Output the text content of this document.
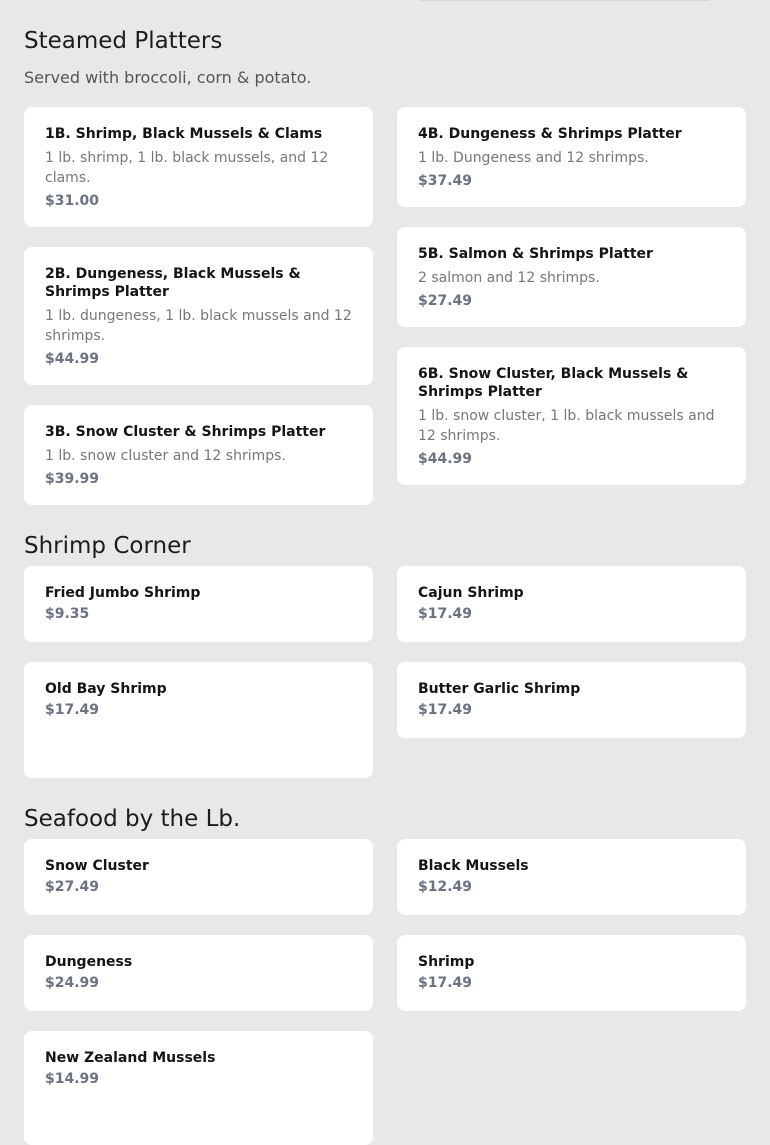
Steamed Platters

Served with broccoli, corn & potato.

1B. Shrimp, Black Mussels & Clams
1 lb. shrimp, 1 lb. black mussels, and 12 clams.
$31.00
4B. Dungeness & Shrimps Platter
1 lb. Dungeness and 12 shrimps.
$37.49
2B. Dungeness, Black Mussels & Shrimps Platter
1 lb. dungeness, 1 lb. black mussels and 12 shrimps.
$44.99
5B. Salmon & Shrimps Platter
2 salmon and 12 shrimps.
$27.49
3B. Snow Cluster & Shrimps Platter
1 lb. snow cluster and 12 shrimps.
$39.99
6B. Snow Cluster, Black Mussels & Shrimps Platter
1 lb. snow cluster, 1 lb. black mussels and 12 shrimps.
$44.99
Shrimp Corner
Fried Jumbo Shrimp
$9.35
Cajun Shrimp
$17.49
Old Bay Shrimp
$17.49
Butter Garlic Shrimp
$17.49
Seafood by the Lb.
Snow Cluster
$27.49
Black Mussels
$12.49
Dungeness
$24.99
Shrimp
$17.49
New Zealand Mussels
$14.99
